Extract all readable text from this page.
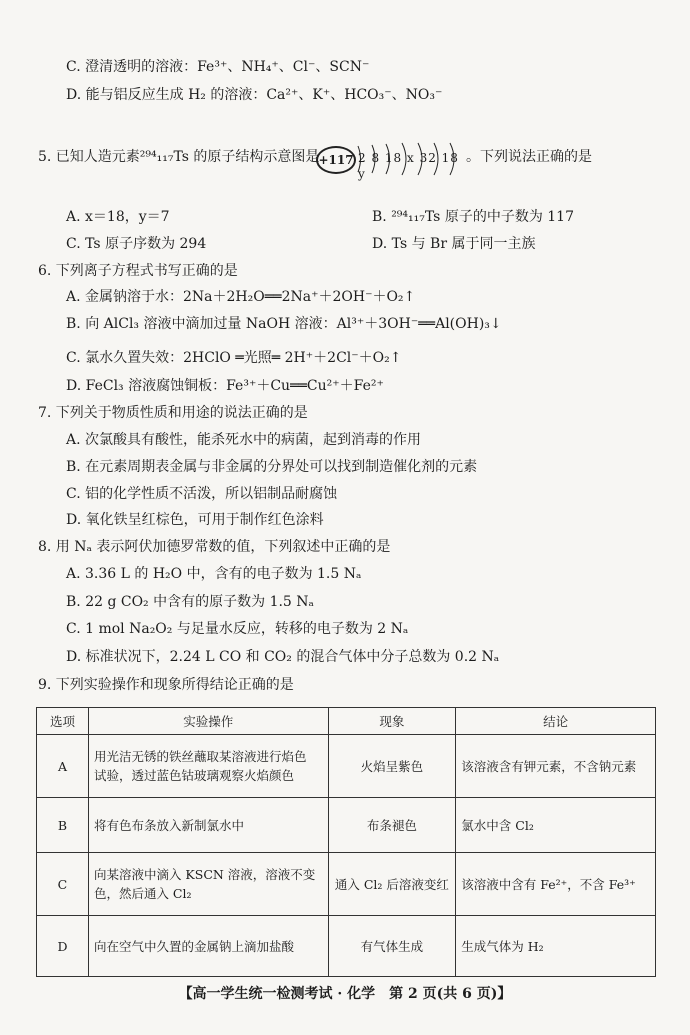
C. 澄清透明的溶液：Fe³⁺、NH₄⁺、Cl⁻、SCN⁻
D. 能与铝反应生成 H₂ 的溶液：Ca²⁺、K⁺、HCO₃⁻、NO₃⁻
5. 已知人造元素²⁹⁴₁₁₇Ts 的原子结构示意图是 +117 2 8 18 x 32 18 y
。下列说法正确的是
A. x＝18，y＝7	B. ²⁹⁴₁₁₇Ts 原子的中子数为 117
C. Ts 原子序数为 294	D. Ts 与 Br 属于同一主族
6. 下列离子方程式书写正确的是
A. 金属钠溶于水：2Na＋2H₂O══2Na⁺＋2OH⁻＋O₂↑
B. 向 AlCl₃ 溶液中滴加过量 NaOH 溶液：Al³⁺＋3OH⁻══Al(OH)₃↓
C. 氯水久置失效：2HClO ═光照═ 2H⁺＋2Cl⁻＋O₂↑
D. FeCl₃ 溶液腐蚀铜板：Fe³⁺＋Cu══Cu²⁺＋Fe²⁺
7. 下列关于物质性质和用途的说法正确的是
A. 次氯酸具有酸性，能杀死水中的病菌，起到消毒的作用
B. 在元素周期表金属与非金属的分界处可以找到制造催化剂的元素
C. 铝的化学性质不活泼，所以铝制品耐腐蚀
D. 氧化铁呈红棕色，可用于制作红色涂料
8. 用 Nₐ 表示阿伏加德罗常数的值，下列叙述中正确的是
A. 3.36 L 的 H₂O 中，含有的电子数为 1.5 Nₐ
B. 22 g CO₂ 中含有的原子数为 1.5 Nₐ
C. 1 mol Na₂O₂ 与足量水反应，转移的电子数为 2 Nₐ
D. 标准状况下，2.24 L CO 和 CO₂ 的混合气体中分子总数为 0.2 Nₐ
9. 下列实验操作和现象所得结论正确的是
选项	实验操作	现象	结论
A	用光洁无锈的铁丝蘸取某溶液进行焰色
试验，透过蓝色钴玻璃观察火焰颜色	火焰呈紫色	该溶液含有钾元素，不含钠元素
B	将有色布条放入新制氯水中	布条褪色	氯水中含 Cl₂
C	向某溶液中滴入 KSCN 溶液，溶液不变
色，然后通入 Cl₂	通入 Cl₂ 后溶液变红	该溶液中含有 Fe²⁺，不含 Fe³⁺
D	向在空气中久置的金属钠上滴加盐酸	有气体生成	生成气体为 H₂
【高一学生统一检测考试 · 化学　第 2 页(共 6 页)】
